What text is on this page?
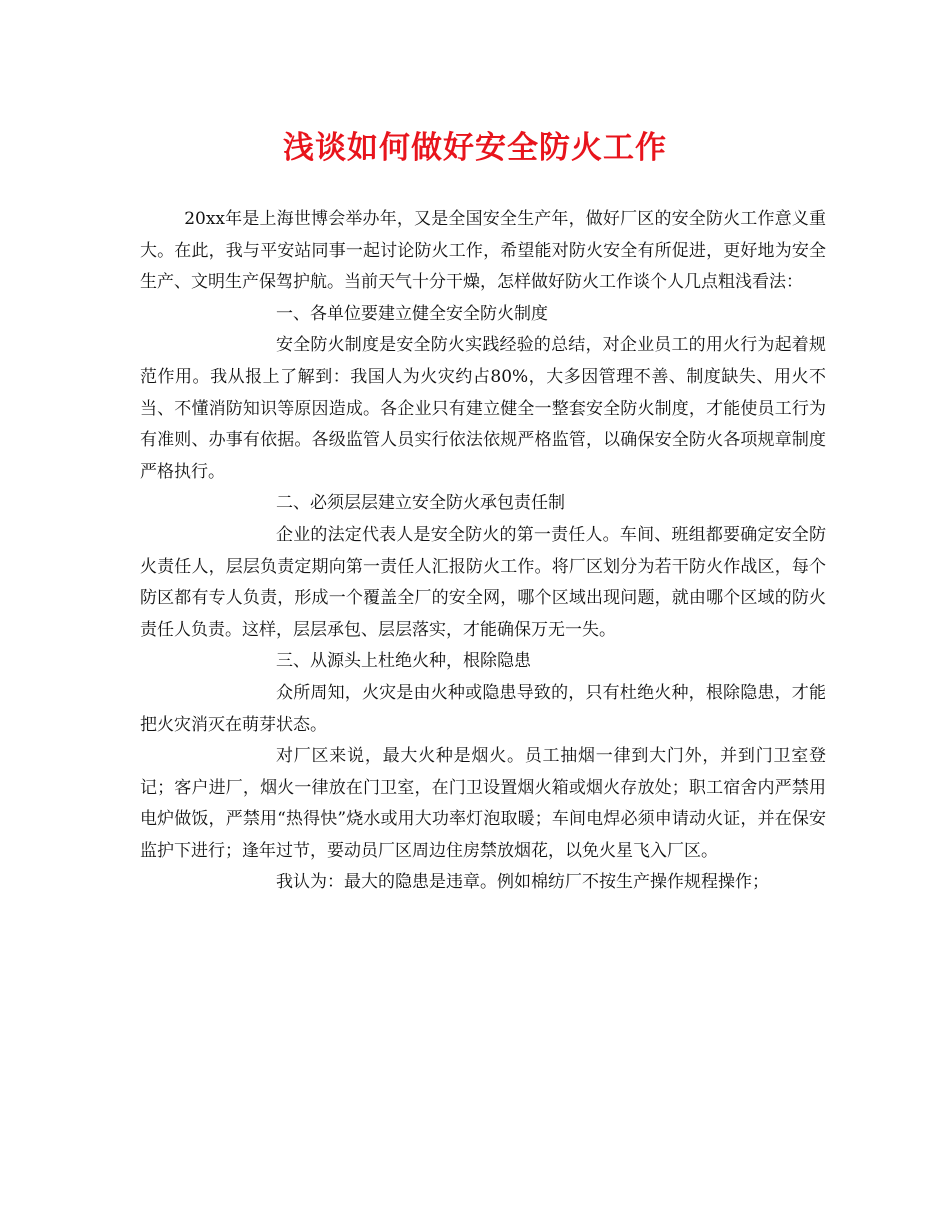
浅谈如何做好安全防火工作

20xx年是上海世博会举办年，又是全国安全生产年，做好厂区的安全防火工作意义重大。在此，我与平安站同事一起讨论防火工作，希望能对防火安全有所促进，更好地为安全生产、文明生产保驾护航。当前天气十分干燥，怎样做好防火工作谈个人几点粗浅看法：

一、各单位要建立健全安全防火制度

安全防火制度是安全防火实践经验的总结，对企业员工的用火行为起着规范作用。我从报上了解到：我国人为火灾约占80%，大多因管理不善、制度缺失、用火不当、不懂消防知识等原因造成。各企业只有建立健全一整套安全防火制度，才能使员工行为有准则、办事有依据。各级监管人员实行依法依规严格监管，以确保安全防火各项规章制度严格执行。

二、必须层层建立安全防火承包责任制

企业的法定代表人是安全防火的第一责任人。车间、班组都要确定安全防火责任人，层层负责定期向第一责任人汇报防火工作。将厂区划分为若干防火作战区，每个防区都有专人负责，形成一个覆盖全厂的安全网，哪个区域出现问题，就由哪个区域的防火责任人负责。这样，层层承包、层层落实，才能确保万无一失。

三、从源头上杜绝火种，根除隐患

众所周知，火灾是由火种或隐患导致的，只有杜绝火种，根除隐患，才能把火灾消灭在萌芽状态。

对厂区来说，最大火种是烟火。员工抽烟一律到大门外，并到门卫室登记；客户进厂，烟火一律放在门卫室，在门卫设置烟火箱或烟火存放处；职工宿舍内严禁用电炉做饭，严禁用“热得快”烧水或用大功率灯泡取暖；车间电焊必须申请动火证，并在保安监护下进行；逢年过节，要动员厂区周边住房禁放烟花，以免火星飞入厂区。

我认为：最大的隐患是违章。例如棉纺厂不按生产操作规程操作；
